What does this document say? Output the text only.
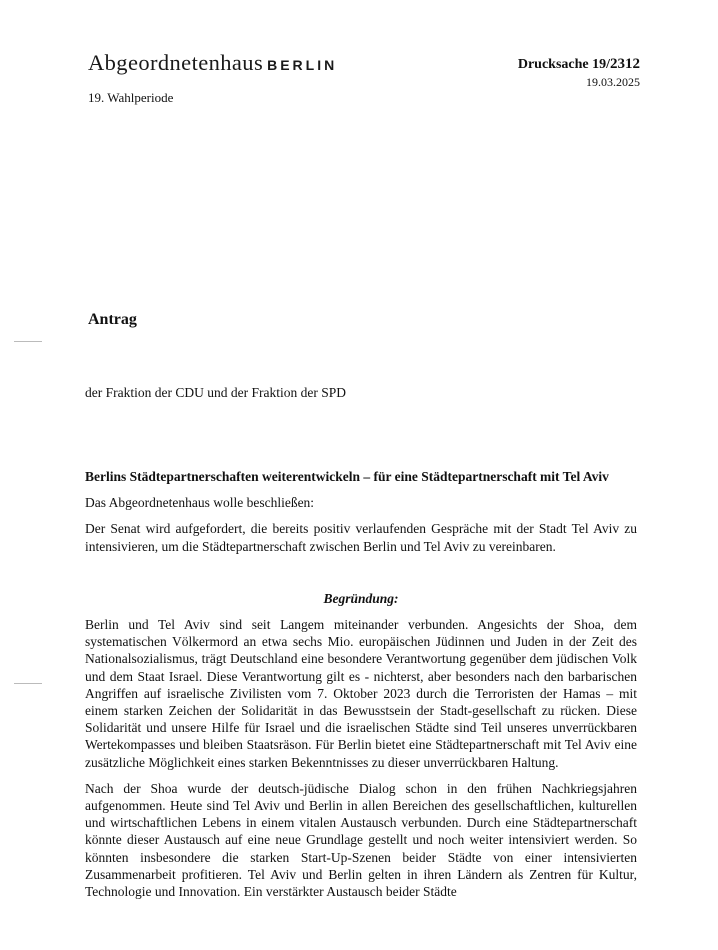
Abgeordnetenhaus BERLIN	Drucksache 19/2312
19.03.2025
19. Wahlperiode
Antrag
der Fraktion der CDU und der Fraktion der SPD

Berlins Städtepartnerschaften weiterentwickeln – für eine Städtepartnerschaft mit Tel Aviv

Das Abgeordnetenhaus wolle beschließen:

Der Senat wird aufgefordert, die bereits positiv verlaufenden Gespräche mit der Stadt Tel Aviv zu intensivieren, um die Städtepartnerschaft zwischen Berlin und Tel Aviv zu vereinbaren.

Begründung:

Berlin und Tel Aviv sind seit Langem miteinander verbunden. Angesichts der Shoa, dem systematischen Völkermord an etwa sechs Mio. europäischen Jüdinnen und Juden in der Zeit des Nationalsozialismus, trägt Deutschland eine besondere Verantwortung gegenüber dem jüdischen Volk und dem Staat Israel. Diese Verantwortung gilt es - nichterst, aber besonders nach den barbarischen Angriffen auf israelische Zivilisten vom 7. Oktober 2023 durch die Terroristen der Hamas – mit einem starken Zeichen der Solidarität in das Bewusstsein der Stadt-gesellschaft zu rücken. Diese Solidarität und unsere Hilfe für Israel und die israelischen Städte sind Teil unseres unverrückbaren Wertekompasses und bleiben Staatsräson. Für Berlin bietet eine Städtepartnerschaft mit Tel Aviv eine zusätzliche Möglichkeit eines starken Bekenntnisses zu dieser unverrückbaren Haltung.

Nach der Shoa wurde der deutsch-jüdische Dialog schon in den frühen Nachkriegsjahren aufgenommen. Heute sind Tel Aviv und Berlin in allen Bereichen des gesellschaftlichen, kulturellen und wirtschaftlichen Lebens in einem vitalen Austausch verbunden. Durch eine Städtepartnerschaft könnte dieser Austausch auf eine neue Grundlage gestellt und noch weiter intensiviert werden. So könnten insbesondere die starken Start-Up-Szenen beider Städte von einer intensivierten Zusammenarbeit profitieren. Tel Aviv und Berlin gelten in ihren Ländern als Zentren für Kultur, Technologie und Innovation. Ein verstärkter Austausch beider Städte
